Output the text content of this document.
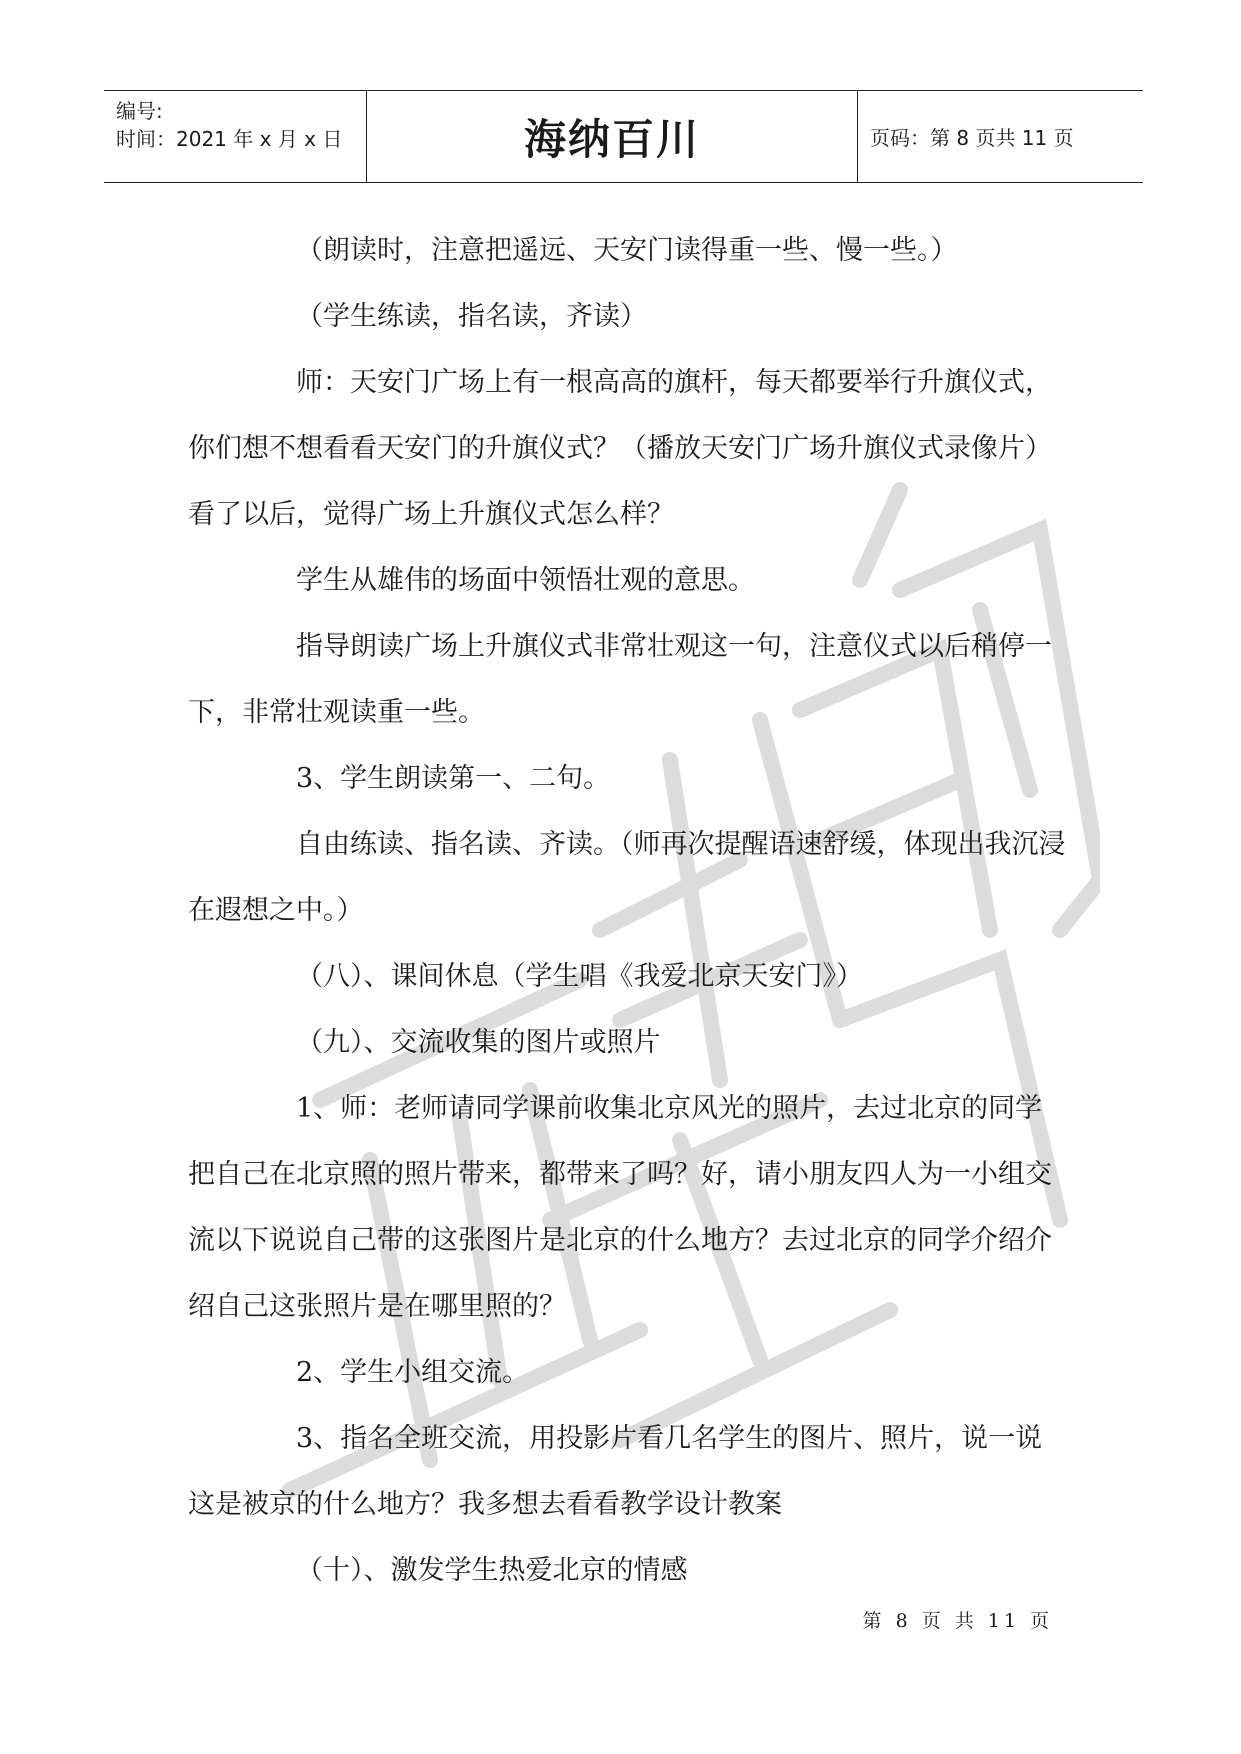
编号:
时间：2021 年 x 月 x 日	海纳百川	页码：第 8 页共 11 页

（朗读时，注意把遥远、天安门读得重一些、慢一些。）

（学生练读，指名读，齐读）

师：天安门广场上有一根高高的旗杆，每天都要举行升旗仪式，你们想不想看看天安门的升旗仪式？（播放天安门广场升旗仪式录像片）看了以后，觉得广场上升旗仪式怎么样？

学生从雄伟的场面中领悟壮观的意思。

指导朗读广场上升旗仪式非常壮观这一句，注意仪式以后稍停一下，非常壮观读重一些。

3、学生朗读第一、二句。

自由练读、指名读、齐读。（师再次提醒语速舒缓，体现出我沉浸在遐想之中。）

（八）、课间休息（学生唱《我爱北京天安门》）

（九）、交流收集的图片或照片

1、师：老师请同学课前收集北京风光的照片，去过北京的同学把自己在北京照的照片带来，都带来了吗？好，请小朋友四人为一小组交流以下说说自己带的这张图片是北京的什么地方？去过北京的同学介绍介绍自己这张照片是在哪里照的？

2、学生小组交流。

3、指名全班交流，用投影片看几名学生的图片、照片，说一说这是被京的什么地方？我多想去看看教学设计教案

（十）、激发学生热爱北京的情感

第 8 页 共 11 页
